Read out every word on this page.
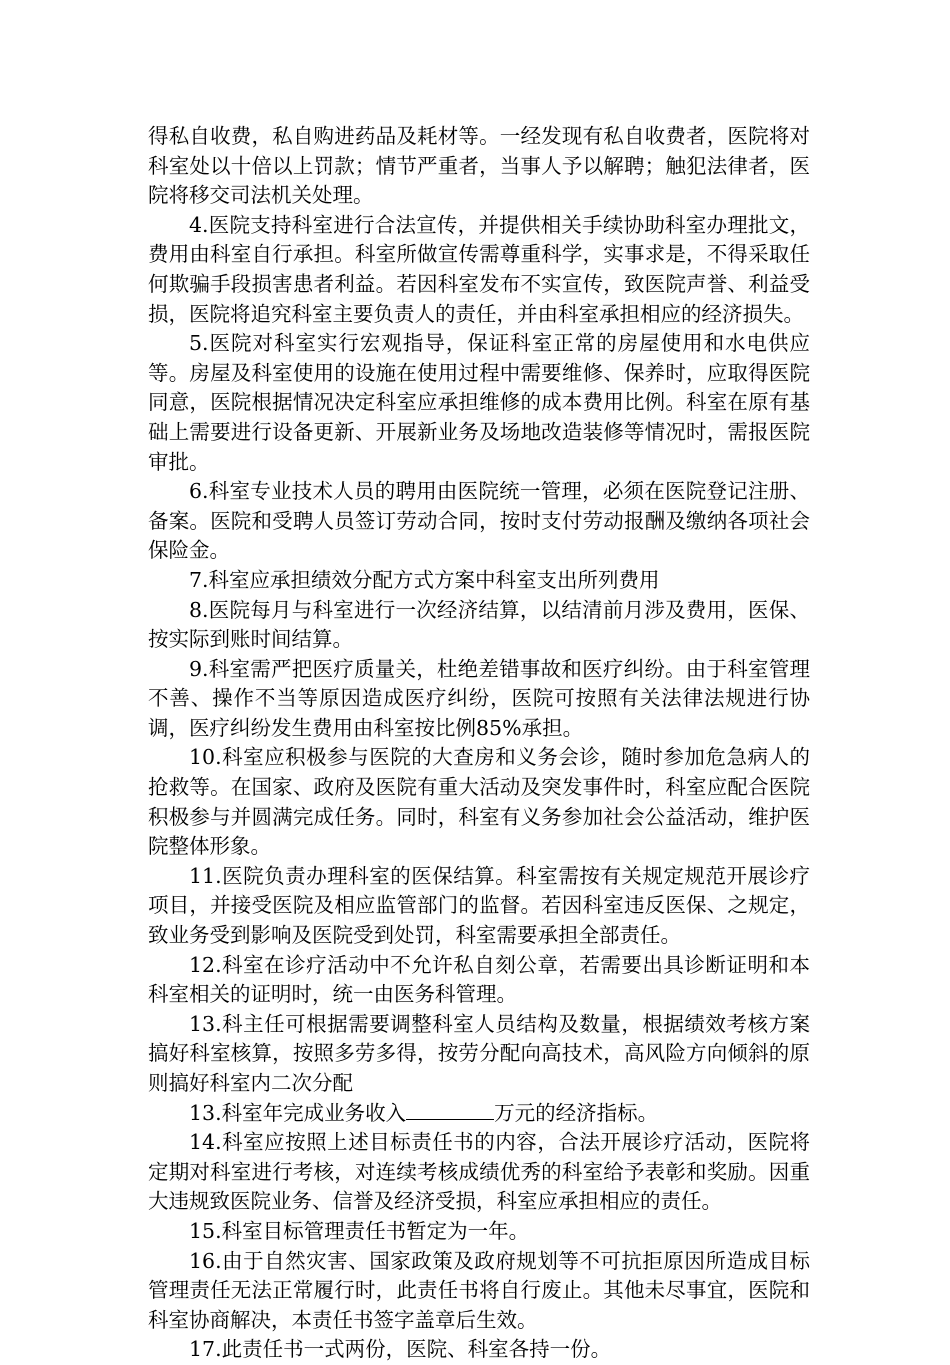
得私自收费，私自购进药品及耗材等。一经发现有私自收费者，医院将对科室处以十倍以上罚款；情节严重者，当事人予以解聘；触犯法律者，医院将移交司法机关处理。

4.医院支持科室进行合法宣传，并提供相关手续协助科室办理批文，费用由科室自行承担。科室所做宣传需尊重科学，实事求是，不得采取任何欺骗手段损害患者利益。若因科室发布不实宣传，致医院声誉、利益受损，医院将追究科室主要负责人的责任，并由科室承担相应的经济损失。

5.医院对科室实行宏观指导，保证科室正常的房屋使用和水电供应等。房屋及科室使用的设施在使用过程中需要维修、保养时，应取得医院同意，医院根据情况决定科室应承担维修的成本费用比例。科室在原有基础上需要进行设备更新、开展新业务及场地改造装修等情况时，需报医院审批。

6.科室专业技术人员的聘用由医院统一管理，必须在医院登记注册、备案。医院和受聘人员签订劳动合同，按时支付劳动报酬及缴纳各项社会保险金。

7.科室应承担绩效分配方式方案中科室支出所列费用

8.医院每月与科室进行一次经济结算，以结清前月涉及费用，医保、按实际到账时间结算。

9.科室需严把医疗质量关，杜绝差错事故和医疗纠纷。由于科室管理不善、操作不当等原因造成医疗纠纷，医院可按照有关法律法规进行协调，医疗纠纷发生费用由科室按比例85%承担。

10.科室应积极参与医院的大查房和义务会诊，随时参加危急病人的抢救等。在国家、政府及医院有重大活动及突发事件时，科室应配合医院积极参与并圆满完成任务。同时，科室有义务参加社会公益活动，维护医院整体形象。

11.医院负责办理科室的医保结算。科室需按有关规定规范开展诊疗项目，并接受医院及相应监管部门的监督。若因科室违反医保、之规定，致业务受到影响及医院受到处罚，科室需要承担全部责任。

12.科室在诊疗活动中不允许私自刻公章，若需要出具诊断证明和本科室相关的证明时，统一由医务科管理。

13.科主任可根据需要调整科室人员结构及数量，根据绩效考核方案搞好科室核算，按照多劳多得，按劳分配向高技术，高风险方向倾斜的原则搞好科室内二次分配

13.科室年完成业务收入	万元的经济指标。

14.科室应按照上述目标责任书的内容，合法开展诊疗活动，医院将定期对科室进行考核，对连续考核成绩优秀的科室给予表彰和奖励。因重大违规致医院业务、信誉及经济受损，科室应承担相应的责任。

15.科室目标管理责任书暂定为一年。

16.由于自然灾害、国家政策及政府规划等不可抗拒原因所造成目标管理责任无法正常履行时，此责任书将自行废止。其他未尽事宜，医院和科室协商解决，本责任书签字盖章后生效。

17.此责任书一式两份，医院、科室各持一份。
